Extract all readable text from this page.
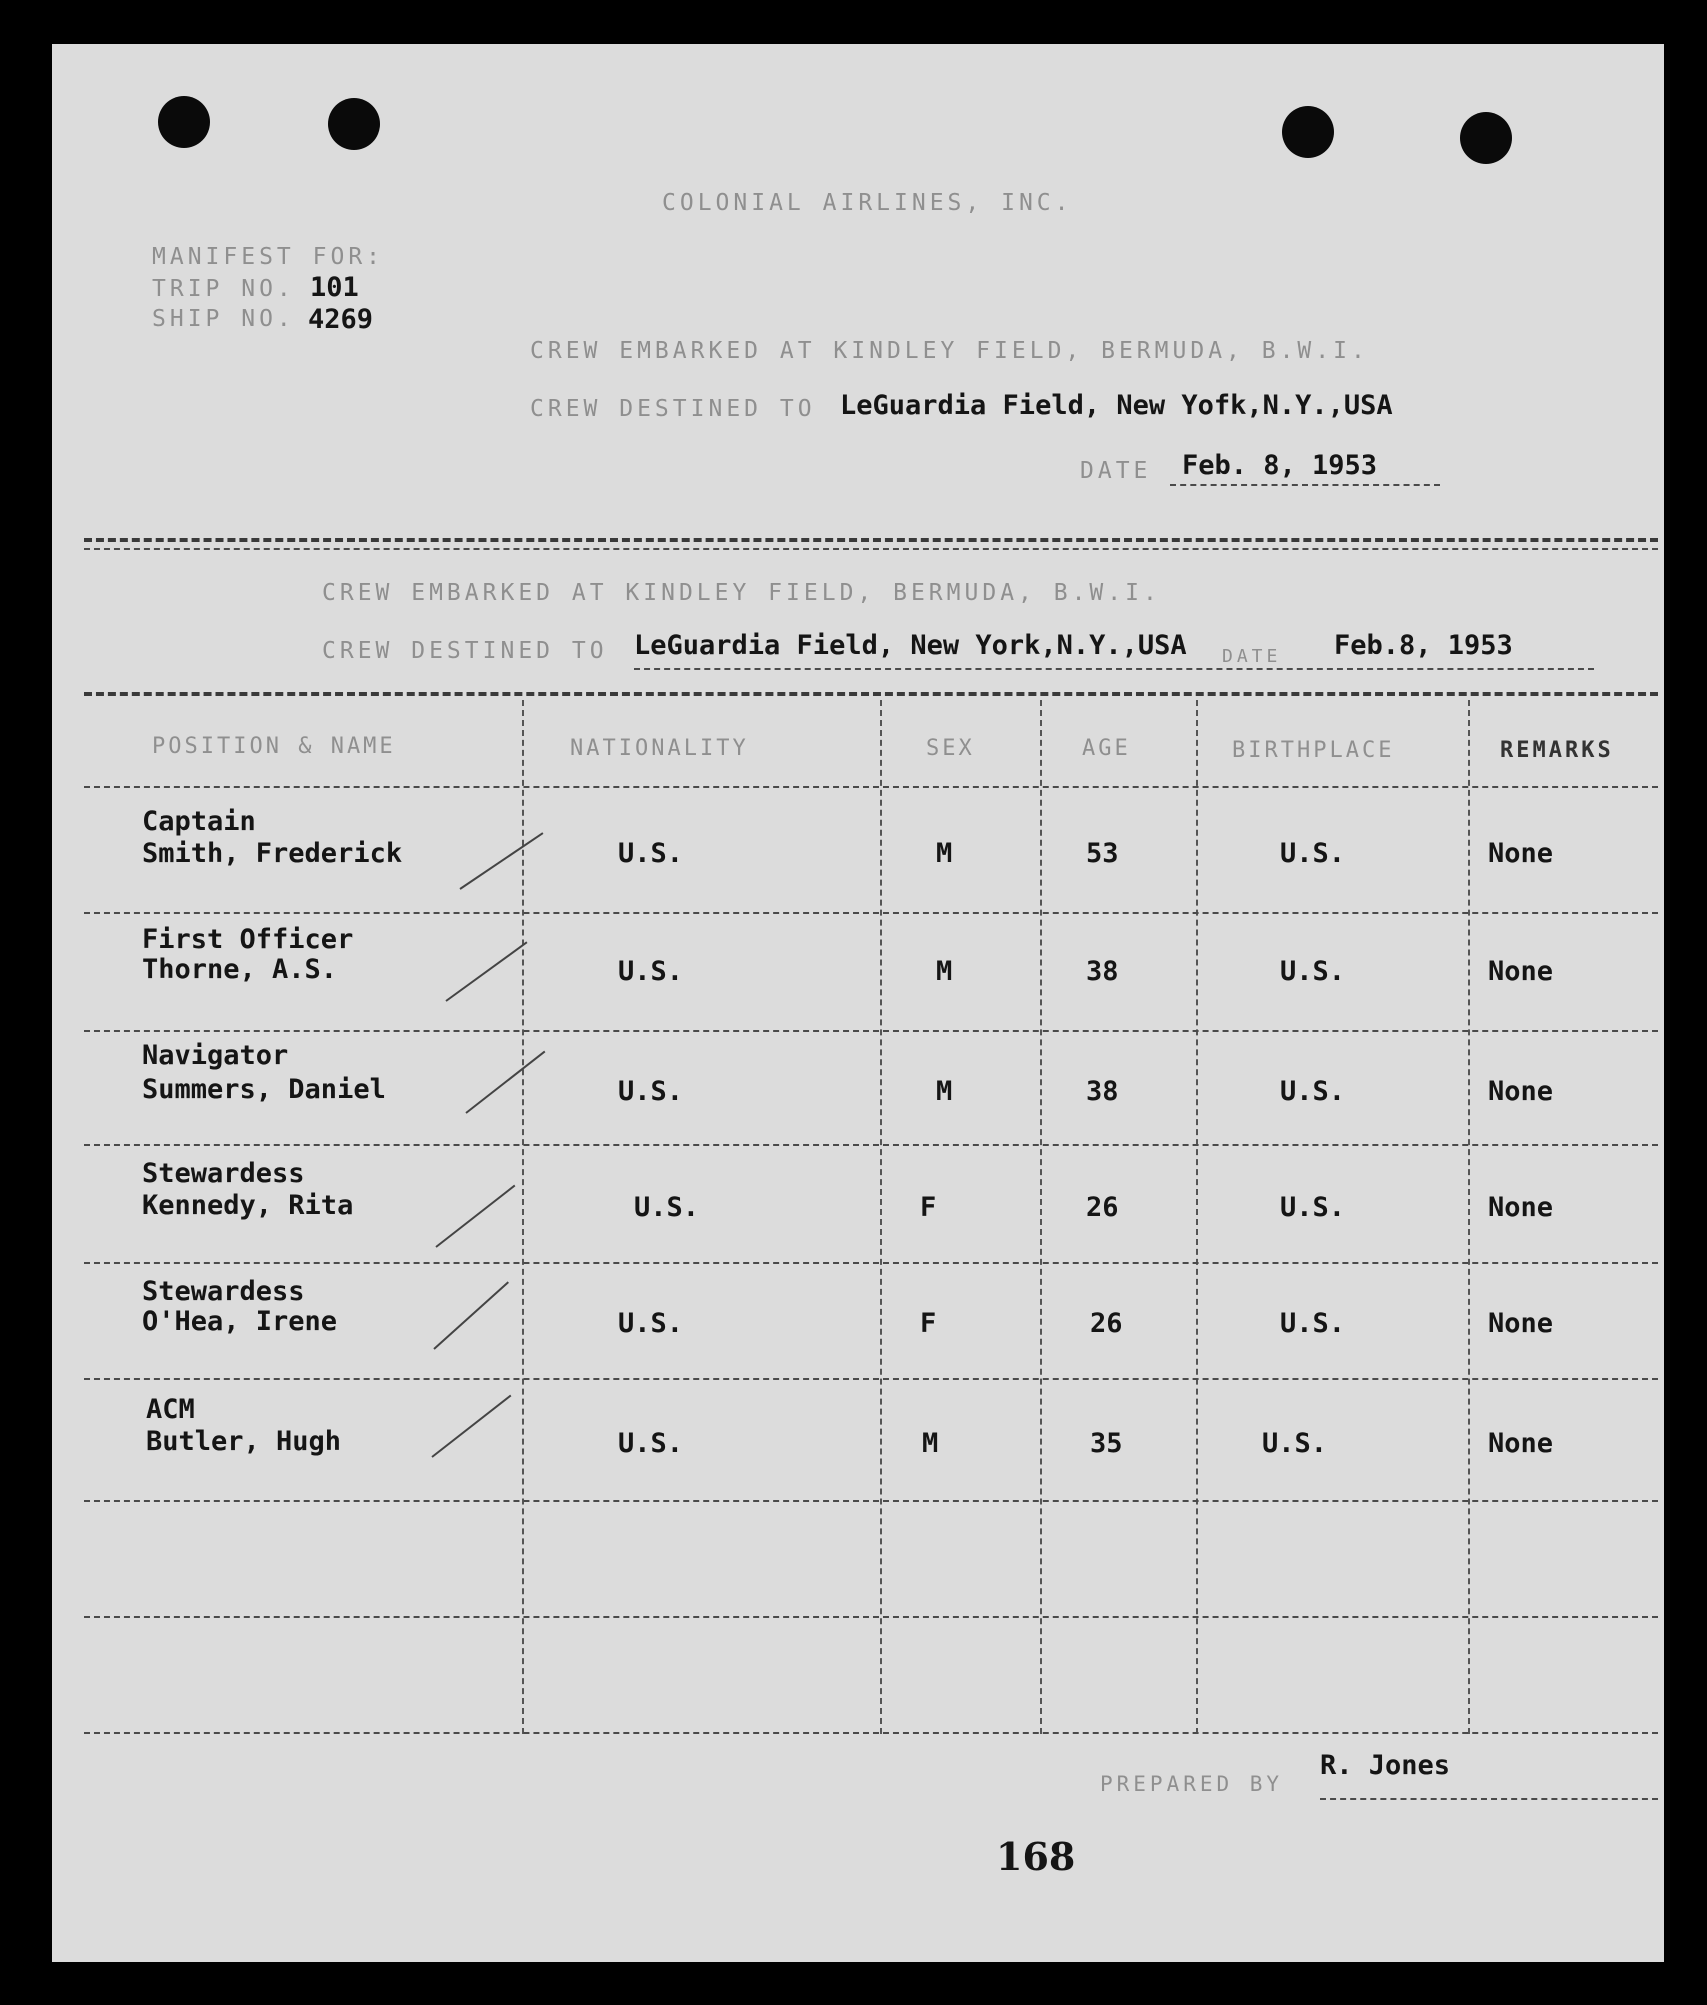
COLONIAL AIRLINES, INC.
MANIFEST FOR:
TRIP NO. 101
SHIP NO. 4269
CREW EMBARKED AT KINDLEY FIELD, BERMUDA, B.W.I.
CREW DESTINED TO LeGuardia Field, New Yofk,N.Y.,USA
DATE Feb. 8, 1953
CREW EMBARKED AT KINDLEY FIELD, BERMUDA, B.W.I.
CREW DESTINED TO LeGuardia Field, New York,N.Y.,USA DATE Feb.8, 1953
POSITION & NAME	NATIONALITY	SEX	AGE	BIRTHPLACE	REMARKS
Captain
Smith, Frederick	U.S.	M	53	U.S.	None
First Officer
Thorne, A.S.	U.S.	M	38	U.S.	None
Navigator
Summers, Daniel	U.S.	M	38	U.S.	None
Stewardess
Kennedy, Rita	U.S.	F	26	U.S.	None
Stewardess
O'Hea, Irene	U.S.	F	26	U.S.	None
ACM
Butler, Hugh	U.S.	M	35	U.S.	None
PREPARED BY
R. Jones
168
